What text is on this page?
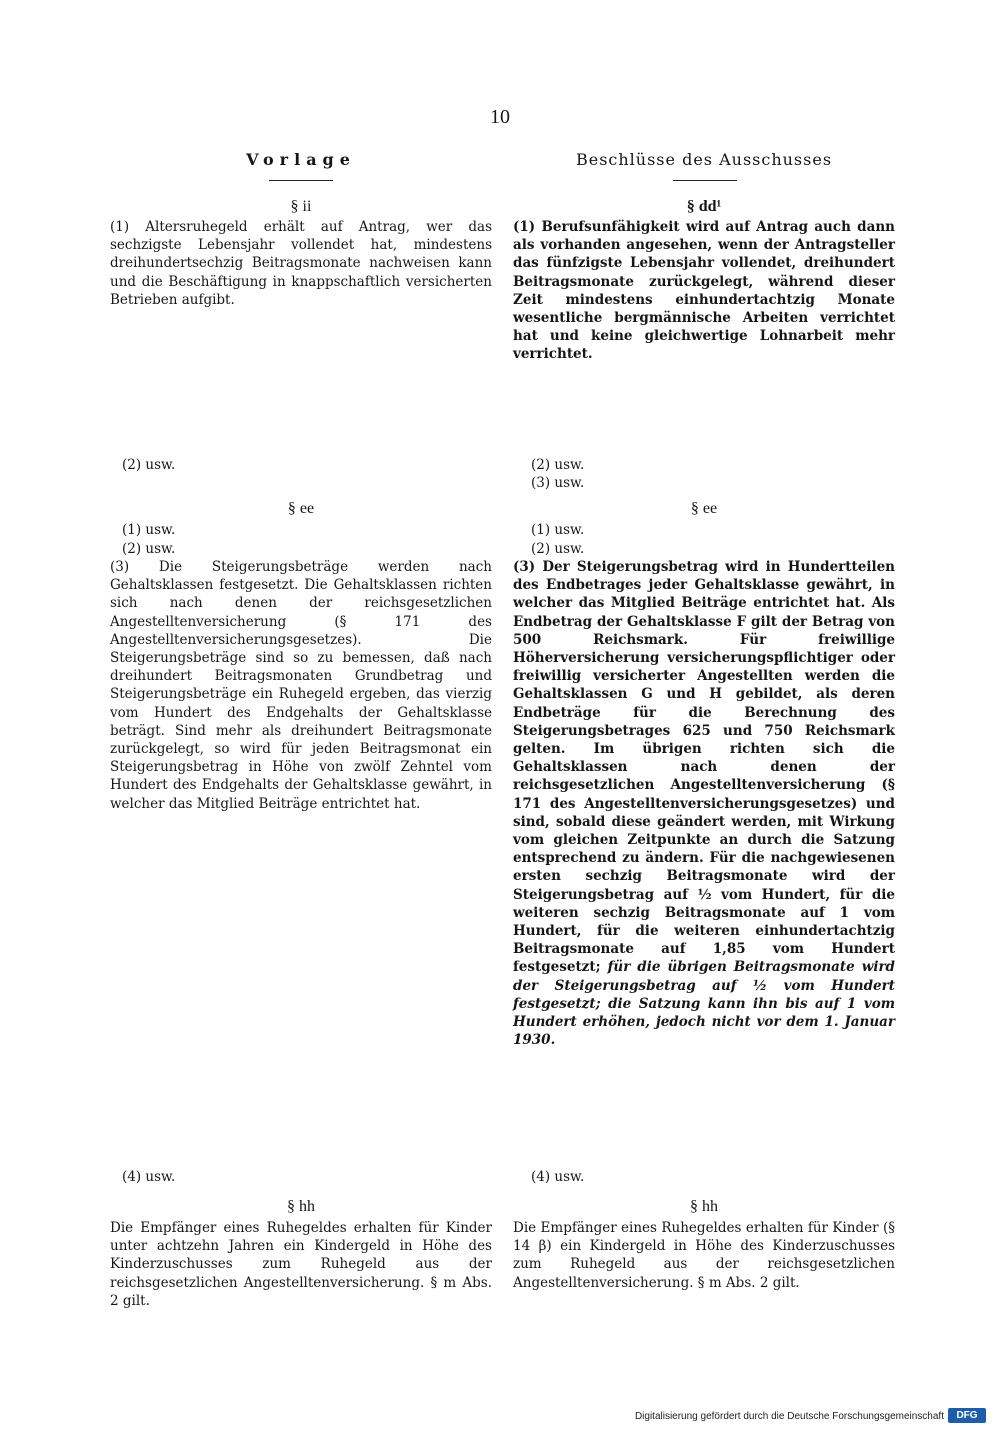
10
Vorlage
§ ii

(1) Altersruhegeld erhält auf Antrag, wer das sechzigste Lebensjahr vollendet hat, mindestens dreihundertsechzig Beitragsmonate nachweisen kann und die Beschäftigung in knappschaftlich versicherten Betrieben aufgibt.

(2) usw.

§ ee

(1) usw.

(2) usw.

(3) Die Steigerungsbeträge werden nach Gehaltsklassen festgesetzt. Die Gehaltsklassen richten sich nach denen der reichsgesetzlichen Angestelltenversicherung (§ 171 des Angestelltenversicherungsgesetzes). Die Steigerungsbeträge sind so zu bemessen, daß nach dreihundert Beitragsmonaten Grundbetrag und Steigerungsbeträge ein Ruhegeld ergeben, das vierzig vom Hundert des Endgehalts der Gehaltsklasse beträgt. Sind mehr als dreihundert Beitragsmonate zurückgelegt, so wird für jeden Beitragsmonat ein Steigerungsbetrag in Höhe von zwölf Zehntel vom Hundert des Endgehalts der Gehaltsklasse gewährt, in welcher das Mitglied Beiträge entrichtet hat.

(4) usw.

§ hh

Die Empfänger eines Ruhegeldes erhalten für Kinder unter achtzehn Jahren ein Kindergeld in Höhe des Kinderzuschusses zum Ruhegeld aus der reichsgesetzlichen Angestelltenversicherung. § m Abs. 2 gilt.

Beschlüsse des Ausschusses
§ dd¹

(1) Berufsunfähigkeit wird auf Antrag auch dann als vorhanden angesehen, wenn der Antragsteller das fünfzigste Lebensjahr vollendet, dreihundert Beitragsmonate zurückgelegt, während dieser Zeit mindestens einhundertachtzig Monate wesentliche bergmännische Arbeiten verrichtet hat und keine gleichwertige Lohnarbeit mehr verrichtet.

(2) usw.

(3) usw.

§ ee

(1) usw.

(2) usw.

(3) Der Steigerungsbetrag wird in Hundertteilen des Endbetrages jeder Gehaltsklasse gewährt, in welcher das Mitglied Beiträge entrichtet hat. Als Endbetrag der Gehaltsklasse F gilt der Betrag von 500 Reichsmark. Für freiwillige Höherversicherung versicherungspflichtiger oder freiwillig versicherter Angestellten werden die Gehaltsklassen G und H gebildet, als deren Endbeträge für die Berechnung des Steigerungsbetrages 625 und 750 Reichsmark gelten. Im übrigen richten sich die Gehaltsklassen nach denen der reichsgesetzlichen Angestelltenversicherung (§ 171 des Angestelltenversicherungsgesetzes) und sind, sobald diese geändert werden, mit Wirkung vom gleichen Zeitpunkte an durch die Satzung entsprechend zu ändern. Für die nachgewiesenen ersten sechzig Beitragsmonate wird der Steigerungsbetrag auf ½ vom Hundert, für die weiteren sechzig Beitragsmonate auf 1 vom Hundert, für die weiteren einhundertachtzig Beitragsmonate auf 1,85 vom Hundert festgesetzt; für die übrigen Beitragsmonate wird der Steigerungsbetrag auf ½ vom Hundert festgesetzt; die Satzung kann ihn bis auf 1 vom Hundert erhöhen, jedoch nicht vor dem 1. Januar 1930.

(4) usw.

§ hh

Die Empfänger eines Ruhegeldes erhalten für Kinder (§ 14 β) ein Kindergeld in Höhe des Kinderzuschusses zum Ruhegeld aus der reichsgesetzlichen Angestelltenversicherung. § m Abs. 2 gilt.

Digitalisierung gefördert durch die Deutsche Forschungsgemeinschaft	DFG
